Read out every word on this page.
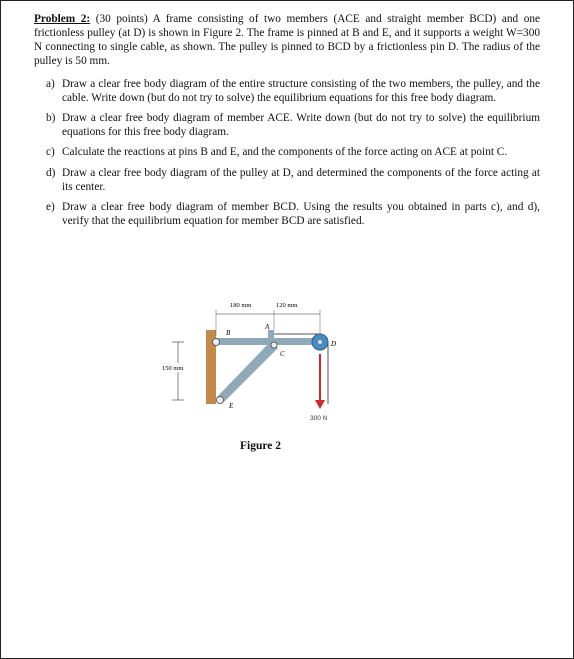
Problem 2: (30 points) A frame consisting of two members (ACE and straight member BCD) and one frictionless pulley (at D) is shown in Figure 2. The frame is pinned at B and E, and it supports a weight W=300 N connecting to single cable, as shown. The pulley is pinned to BCD by a frictionless pin D. The radius of the pulley is 50 mm.

a) Draw a clear free body diagram of the entire structure consisting of the two members, the pulley, and the cable. Write down (but do not try to solve) the equilibrium equations for this free body diagram.
b) Draw a clear free body diagram of member ACE. Write down (but do not try to solve) the equilibrium equations for this free body diagram.
c) Calculate the reactions at pins B and E, and the components of the force acting on ACE at point C.
d) Draw a clear free body diagram of the pulley at D, and determined the components of the force acting at its center.
e) Draw a clear free body diagram of member BCD. Using the results you obtained in parts c), and d), verify that the equilibrium equation for member BCD are satisfied.
180 mm	120 mm
150 mm
A
B
C
D
E
300 N
Figure 2
